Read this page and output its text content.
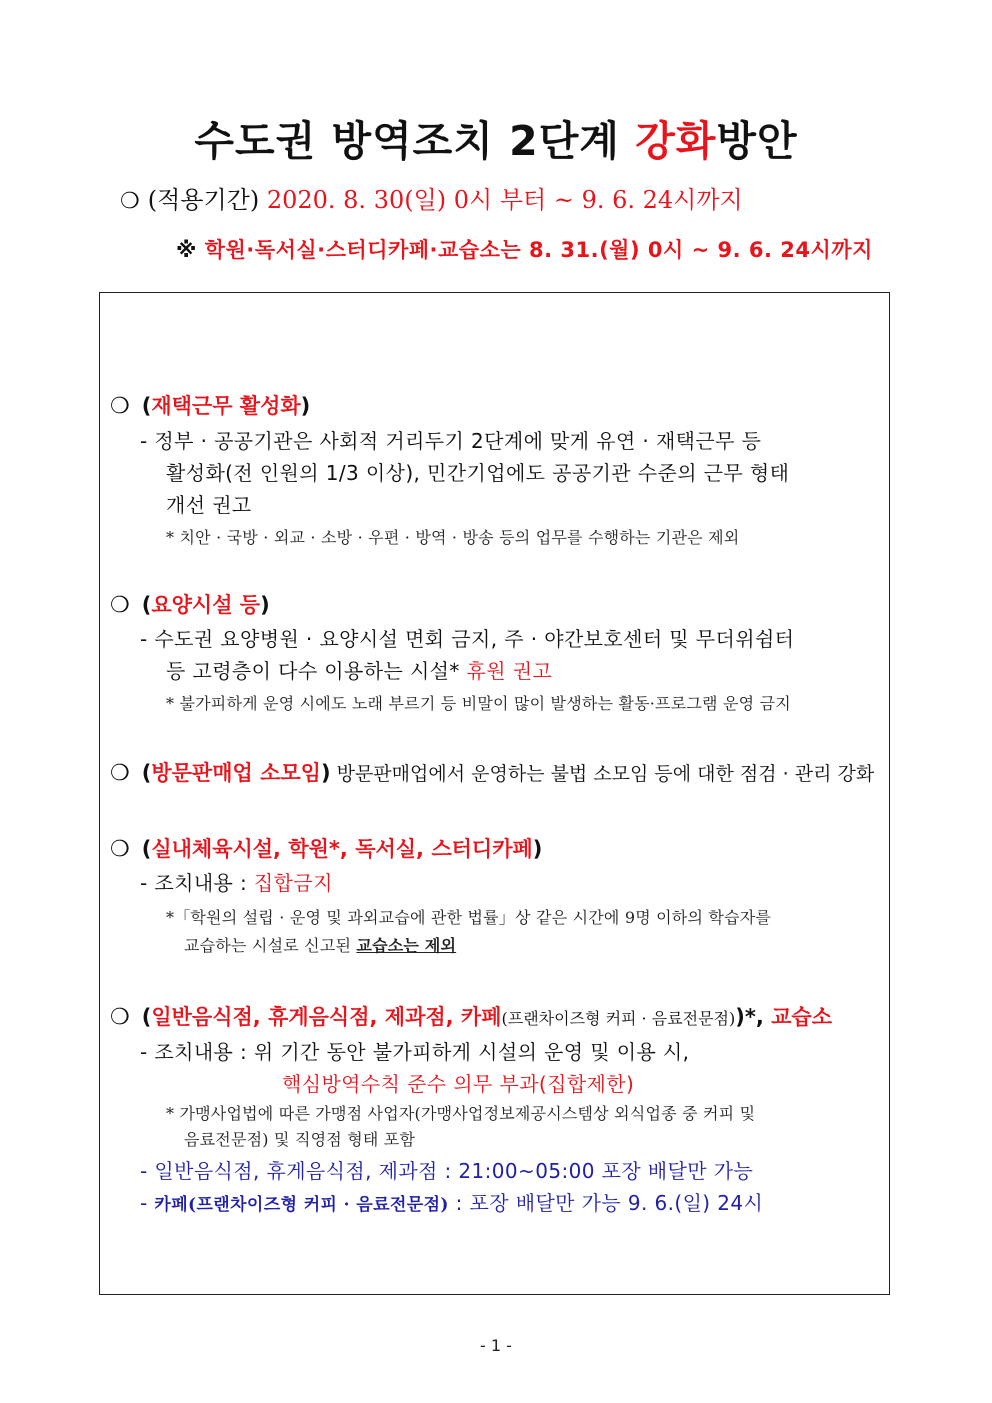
수도권 방역조치 2단계 강화방안
❍ (적용기간) 2020. 8. 30(일) 0시 부터 ~ 9. 6. 24시까지
※ 학원·독서실·스터디카페·교습소는 8. 31.(월) 0시 ~ 9. 6. 24시까지
❍ (재택근무 활성화)
- 정부 · 공공기관은 사회적 거리두기 2단계에 맞게 유연 · 재택근무 등
활성화(전 인원의 1/3 이상), 민간기업에도 공공기관 수준의 근무 형태
개선 권고
* 치안 · 국방 · 외교 · 소방 · 우편 · 방역 · 방송 등의 업무를 수행하는 기관은 제외
❍ (요양시설 등)
- 수도권 요양병원 · 요양시설 면회 금지, 주 · 야간보호센터 및 무더위쉼터
등 고령층이 다수 이용하는 시설* 휴원 권고
* 불가피하게 운영 시에도 노래 부르기 등 비말이 많이 발생하는 활동·프로그램 운영 금지
❍ (방문판매업 소모임) 방문판매업에서 운영하는 불법 소모임 등에 대한 점검 · 관리 강화
❍ (실내체육시설, 학원*, 독서실, 스터디카페)
- 조치내용 : 집합금지
*「학원의 설립 · 운영 및 과외교습에 관한 법률」상 같은 시간에 9명 이하의 학습자를
교습하는 시설로 신고된 교습소는 제외
❍ (일반음식점, 휴게음식점, 제과점, 카페(프랜차이즈형 커피 · 음료전문점))*, 교습소
- 조치내용 : 위 기간 동안 불가피하게 시설의 운영 및 이용 시,
핵심방역수칙 준수 의무 부과(집합제한)
* 가맹사업법에 따른 가맹점 사업자(가맹사업정보제공시스템상 외식업종 중 커피 및
음료전문점) 및 직영점 형태 포함
- 일반음식점, 휴게음식점, 제과점 : 21:00~05:00 포장 배달만 가능
- 카페(프랜차이즈형 커피 · 음료전문점) : 포장 배달만 가능 9. 6.(일) 24시
- 1 -
